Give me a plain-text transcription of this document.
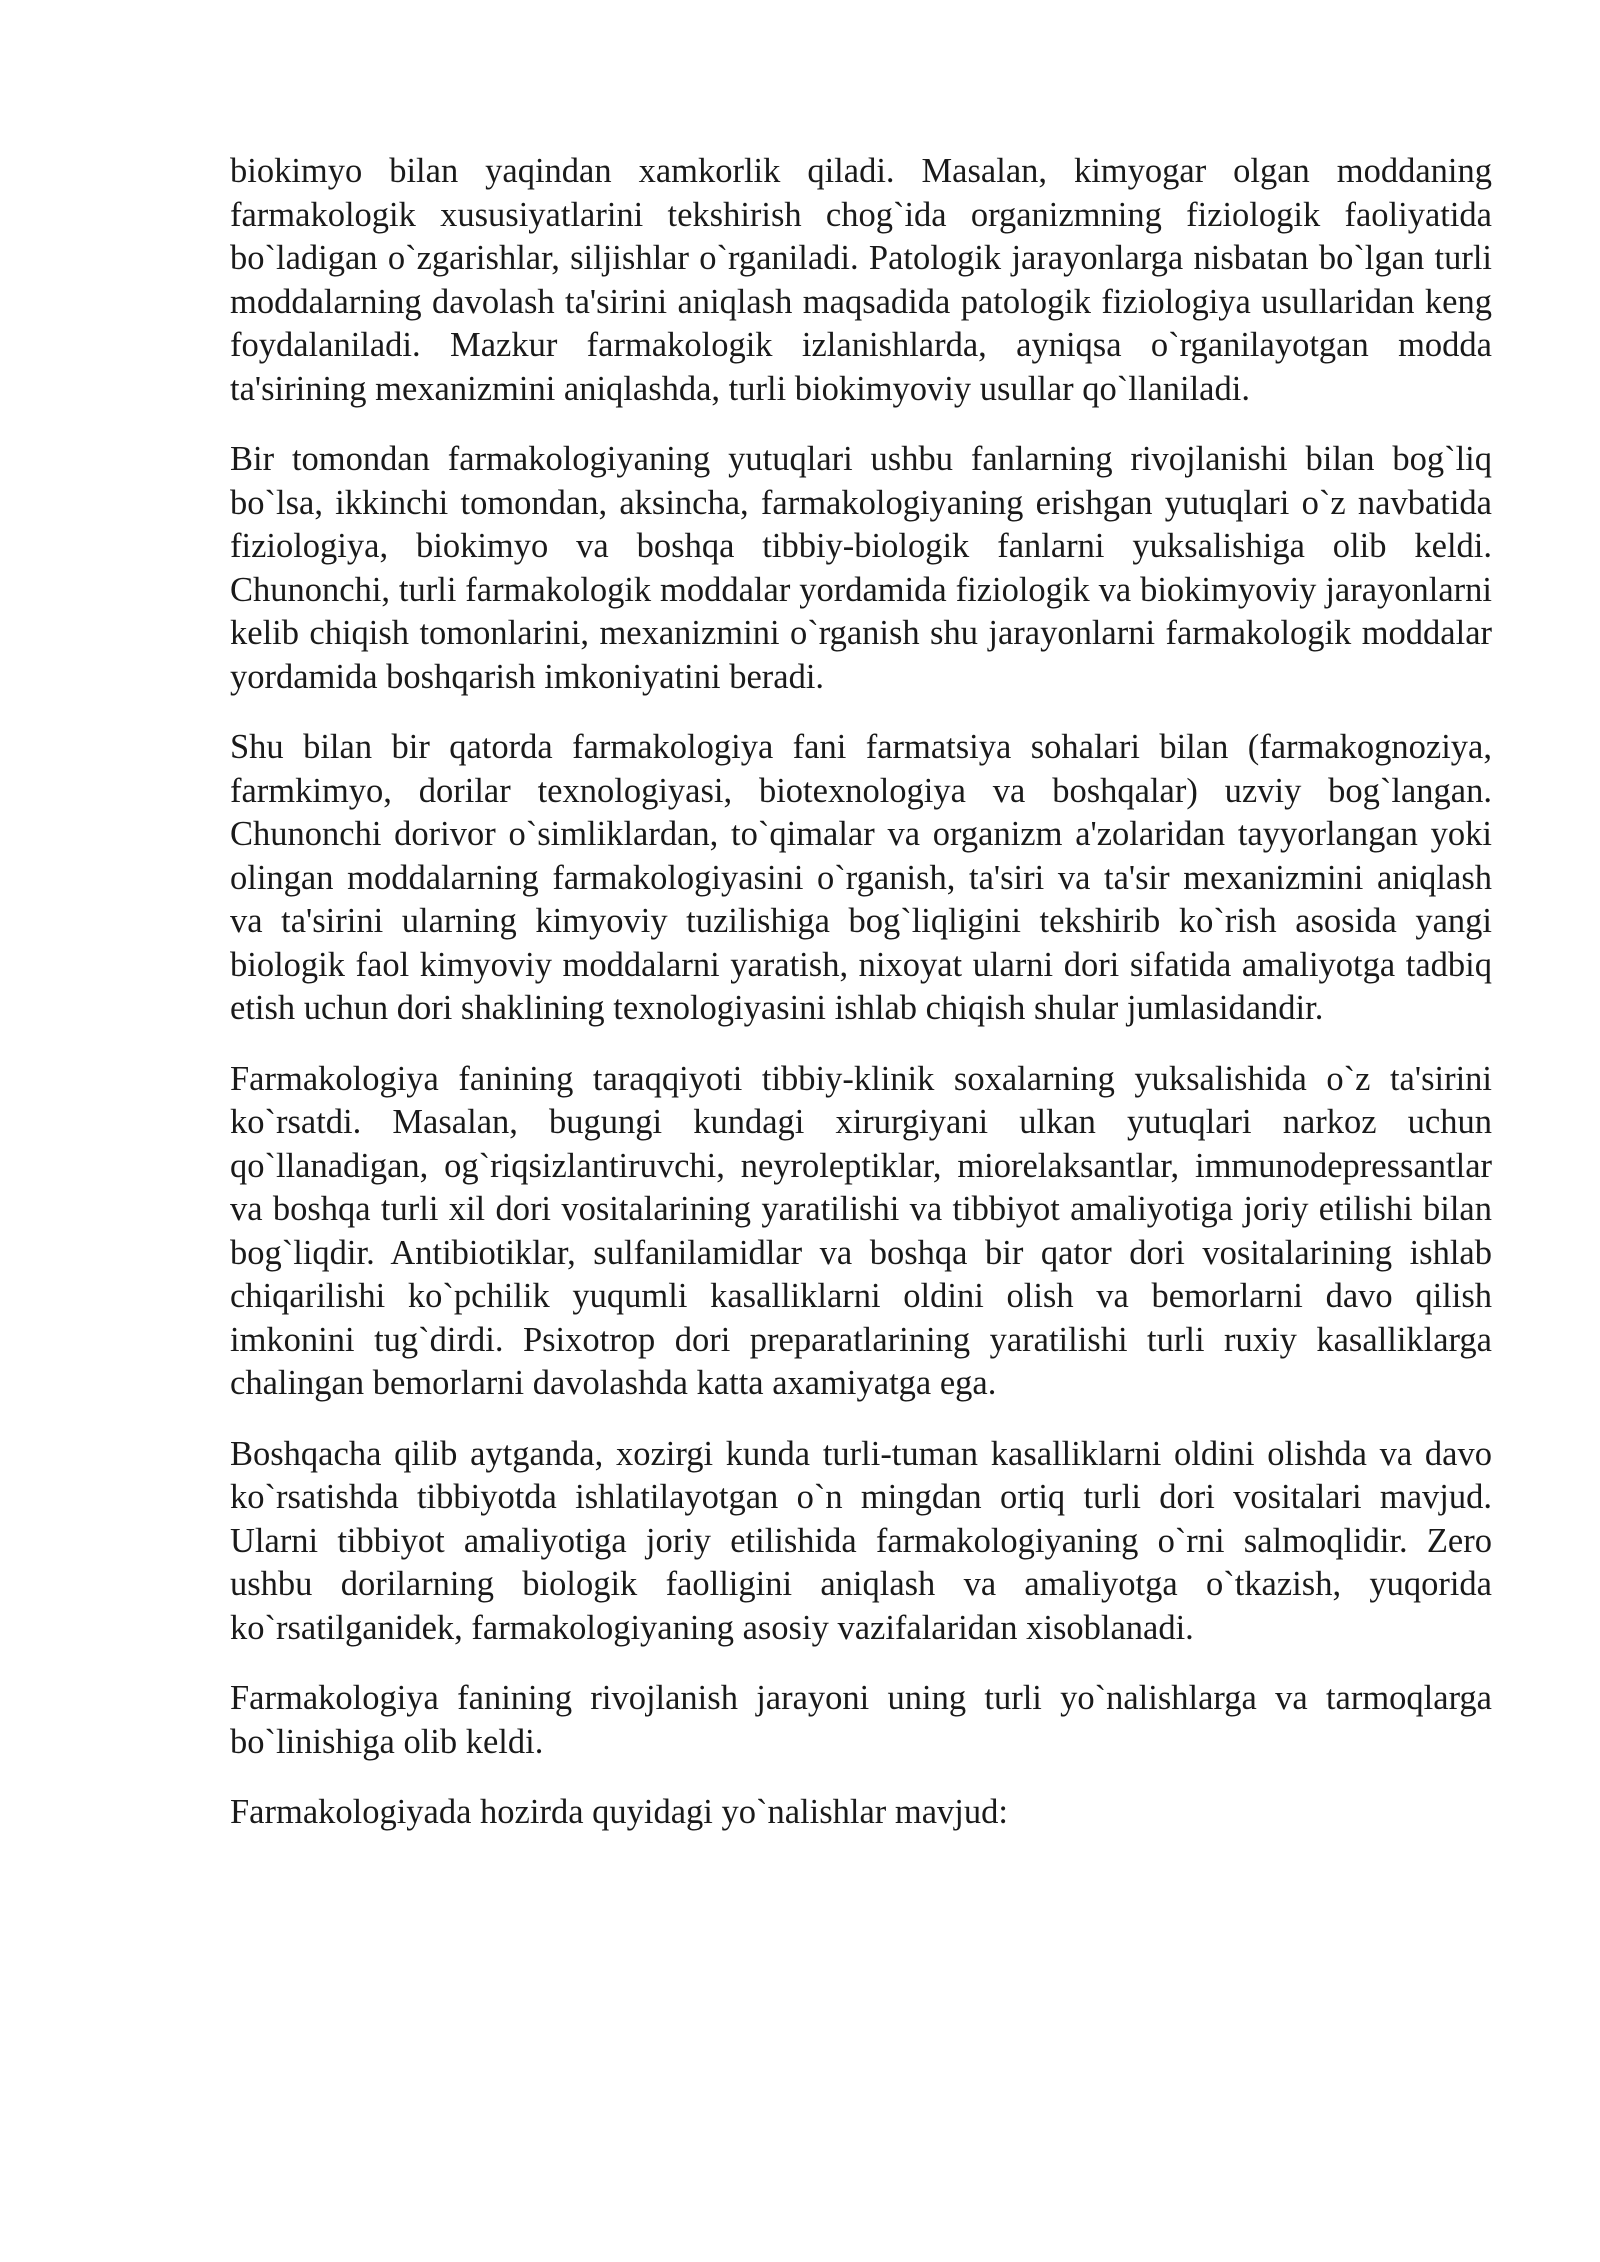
biokimyo bilan yaqindan xamkorlik qiladi. Masalan, kimyogar olgan moddaning farmakologik xususiyatlarini tekshirish chog`ida organizmning fiziologik faoliyatida bo`ladigan o`zgarishlar, siljishlar o`rganiladi. Patologik jarayonlarga nisbatan bo`lgan turli moddalarning davolash ta'sirini aniqlash maqsadida patologik fiziologiya usullaridan keng foydalaniladi. Mazkur farmakologik izlanishlarda, ayniqsa o`rganilayotgan modda ta'sirining mexanizmini aniqlashda, turli biokimyoviy usullar qo`llaniladi.

Bir tomondan farmakologiyaning yutuqlari ushbu fanlarning rivojlanishi bilan bog`liq bo`lsa, ikkinchi tomondan, aksincha, farmakologiyaning erishgan yutuqlari o`z navbatida fiziologiya, biokimyo va boshqa tibbiy-biologik fanlarni yuksalishiga olib keldi. Chunonchi, turli farmakologik moddalar yordamida fiziologik va biokimyoviy jarayonlarni kelib chiqish tomonlarini, mexanizmini o`rganish shu jarayonlarni farmakologik moddalar yordamida boshqarish imkoniyatini beradi.

Shu bilan bir qatorda farmakologiya fani farmatsiya sohalari bilan (farmakognoziya, farmkimyo, dorilar texnologiyasi, biotexnologiya va boshqalar) uzviy bog`langan. Chunonchi dorivor o`simliklardan, to`qimalar va organizm a'zolaridan tayyorlangan yoki olingan moddalarning farmakologiyasini o`rganish, ta'siri va ta'sir mexanizmini aniqlash va ta'sirini ularning kimyoviy tuzilishiga bog`liqligini tekshirib ko`rish asosida yangi biologik faol kimyoviy moddalarni yaratish, nixoyat ularni dori sifatida amaliyotga tadbiq etish uchun dori shaklining texnologiyasini ishlab chiqish shular jumlasidandir.

Farmakologiya fanining taraqqiyoti tibbiy-klinik soxalarning yuksalishida o`z ta'sirini ko`rsatdi. Masalan, bugungi kundagi xirurgiyani ulkan yutuqlari narkoz uchun qo`llanadigan, og`riqsizlantiruvchi, neyroleptiklar, miorelaksantlar, immunodepressantlar va boshqa turli xil dori vositalarining yaratilishi va tibbiyot amaliyotiga joriy etilishi bilan bog`liqdir. Antibiotiklar, sulfanilamidlar va boshqa bir qator dori vositalarining ishlab chiqarilishi ko`pchilik yuqumli kasalliklarni oldini olish va bemorlarni davo qilish imkonini tug`dirdi. Psixotrop dori preparatlarining yaratilishi turli ruxiy kasalliklarga chalingan bemorlarni davolashda katta axamiyatga ega.

Boshqacha qilib aytganda, xozirgi kunda turli-tuman kasalliklarni oldini olishda va davo ko`rsatishda tibbiyotda ishlatilayotgan o`n mingdan ortiq turli dori vositalari mavjud. Ularni tibbiyot amaliyotiga joriy etilishida farmakologiyaning o`rni salmoqlidir. Zero ushbu dorilarning biologik faolligini aniqlash va amaliyotga o`tkazish, yuqorida ko`rsatilganidek, farmakologiyaning asosiy vazifalaridan xisoblanadi.

Farmakologiya fanining rivojlanish jarayoni uning turli yo`nalishlarga va tarmoqlarga bo`linishiga olib keldi.

Farmakologiyada hozirda quyidagi yo`nalishlar mavjud:
